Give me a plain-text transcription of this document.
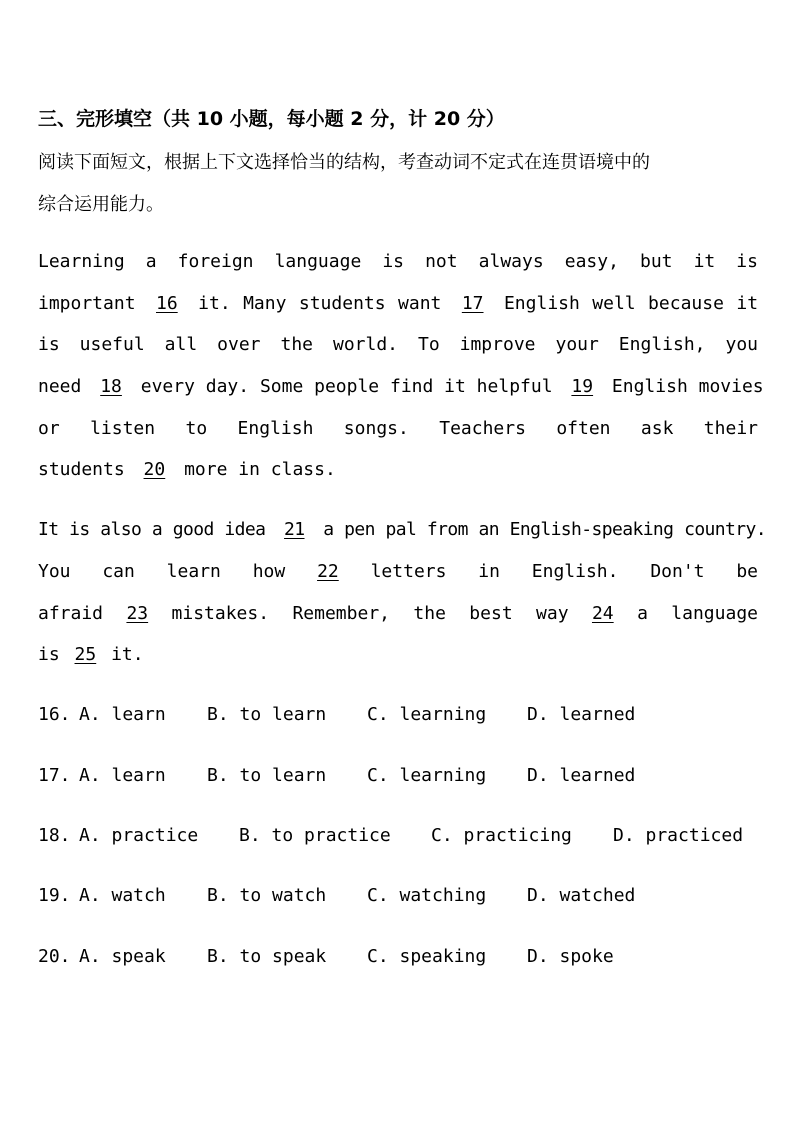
三、完形填空（共 10 小题，每小题 2 分，计 20 分）
阅读下面短文，根据上下文选择恰当的结构，考查动词不定式在连贯语境中的
综合运用能力。
Learning a foreign language is not always easy, but it is
important 16 it. Many students want 17 English well because it
is useful all over the world. To improve your English, you
need 18 every day. Some people find it helpful 19 English movies
or listen to English songs. Teachers often ask their
students 20 more in class.
It is also a good idea 21 a pen pal from an English-speaking country.
You can learn how 22 letters in English. Don't be
afraid 23 mistakes. Remember, the best way 24 a language
is 25 it.
16. A. learn B. to learn C. learning D. learned
17. A. learn B. to learn C. learning D. learned
18. A. practice B. to practice C. practicing D. practiced
19. A. watch B. to watch C. watching D. watched
20. A. speak B. to speak C. speaking D. spoke
